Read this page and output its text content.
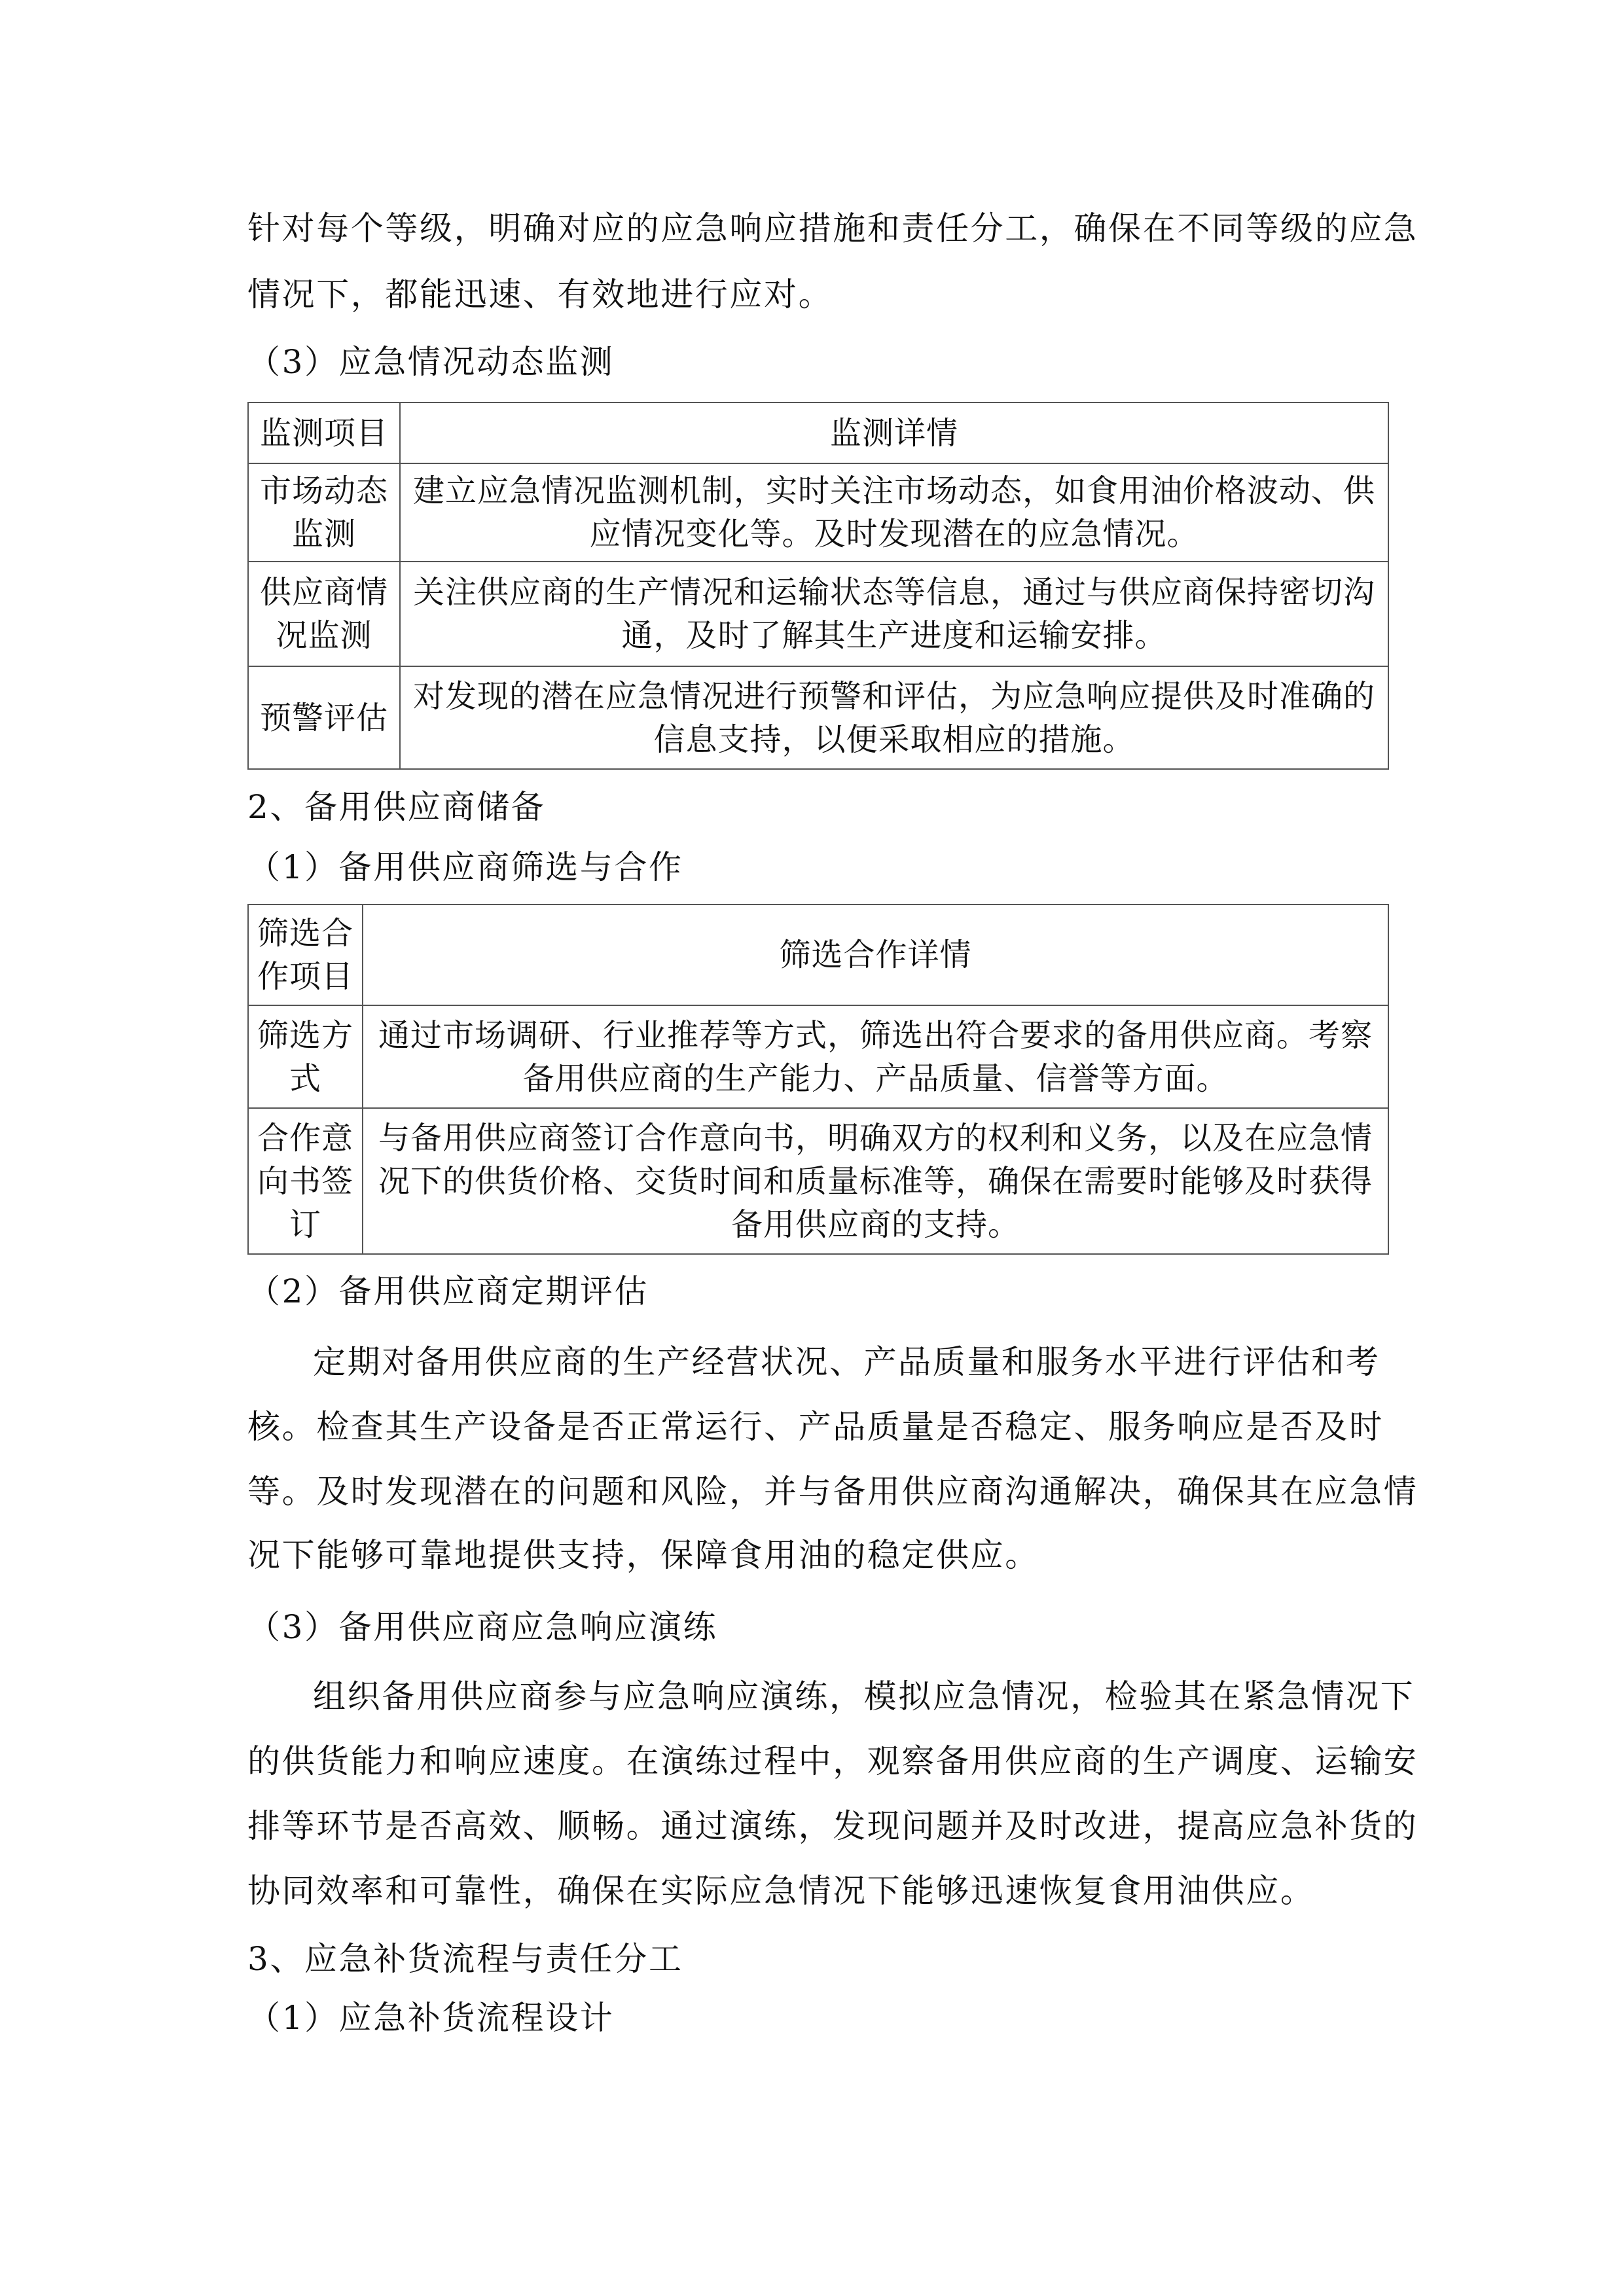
针对每个等级，明确对应的应急响应措施和责任分工，确保在不同等级的应急
情况下，都能迅速、有效地进行应对。
（3）应急情况动态监测
监测项目	监测详情
市场动态监测	建立应急情况监测机制，实时关注市场动态，如食用油价格波动、供应情况变化等。及时发现潜在的应急情况。
供应商情况监测	关注供应商的生产情况和运输状态等信息，通过与供应商保持密切沟通，及时了解其生产进度和运输安排。
预警评估	对发现的潜在应急情况进行预警和评估，为应急响应提供及时准确的信息支持，以便采取相应的措施。
2、备用供应商储备
（1）备用供应商筛选与合作
筛选合作项目	筛选合作详情
筛选方式	通过市场调研、行业推荐等方式，筛选出符合要求的备用供应商。考察备用供应商的生产能力、产品质量、信誉等方面。
合作意向书签订	与备用供应商签订合作意向书，明确双方的权利和义务，以及在应急情况下的供货价格、交货时间和质量标准等，确保在需要时能够及时获得备用供应商的支持。
（2）备用供应商定期评估
定期对备用供应商的生产经营状况、产品质量和服务水平进行评估和考
核。检查其生产设备是否正常运行、产品质量是否稳定、服务响应是否及时
等。及时发现潜在的问题和风险，并与备用供应商沟通解决，确保其在应急情
况下能够可靠地提供支持，保障食用油的稳定供应。
（3）备用供应商应急响应演练
组织备用供应商参与应急响应演练，模拟应急情况，检验其在紧急情况下
的供货能力和响应速度。在演练过程中，观察备用供应商的生产调度、运输安
排等环节是否高效、顺畅。通过演练，发现问题并及时改进，提高应急补货的
协同效率和可靠性，确保在实际应急情况下能够迅速恢复食用油供应。
3、应急补货流程与责任分工
（1）应急补货流程设计
